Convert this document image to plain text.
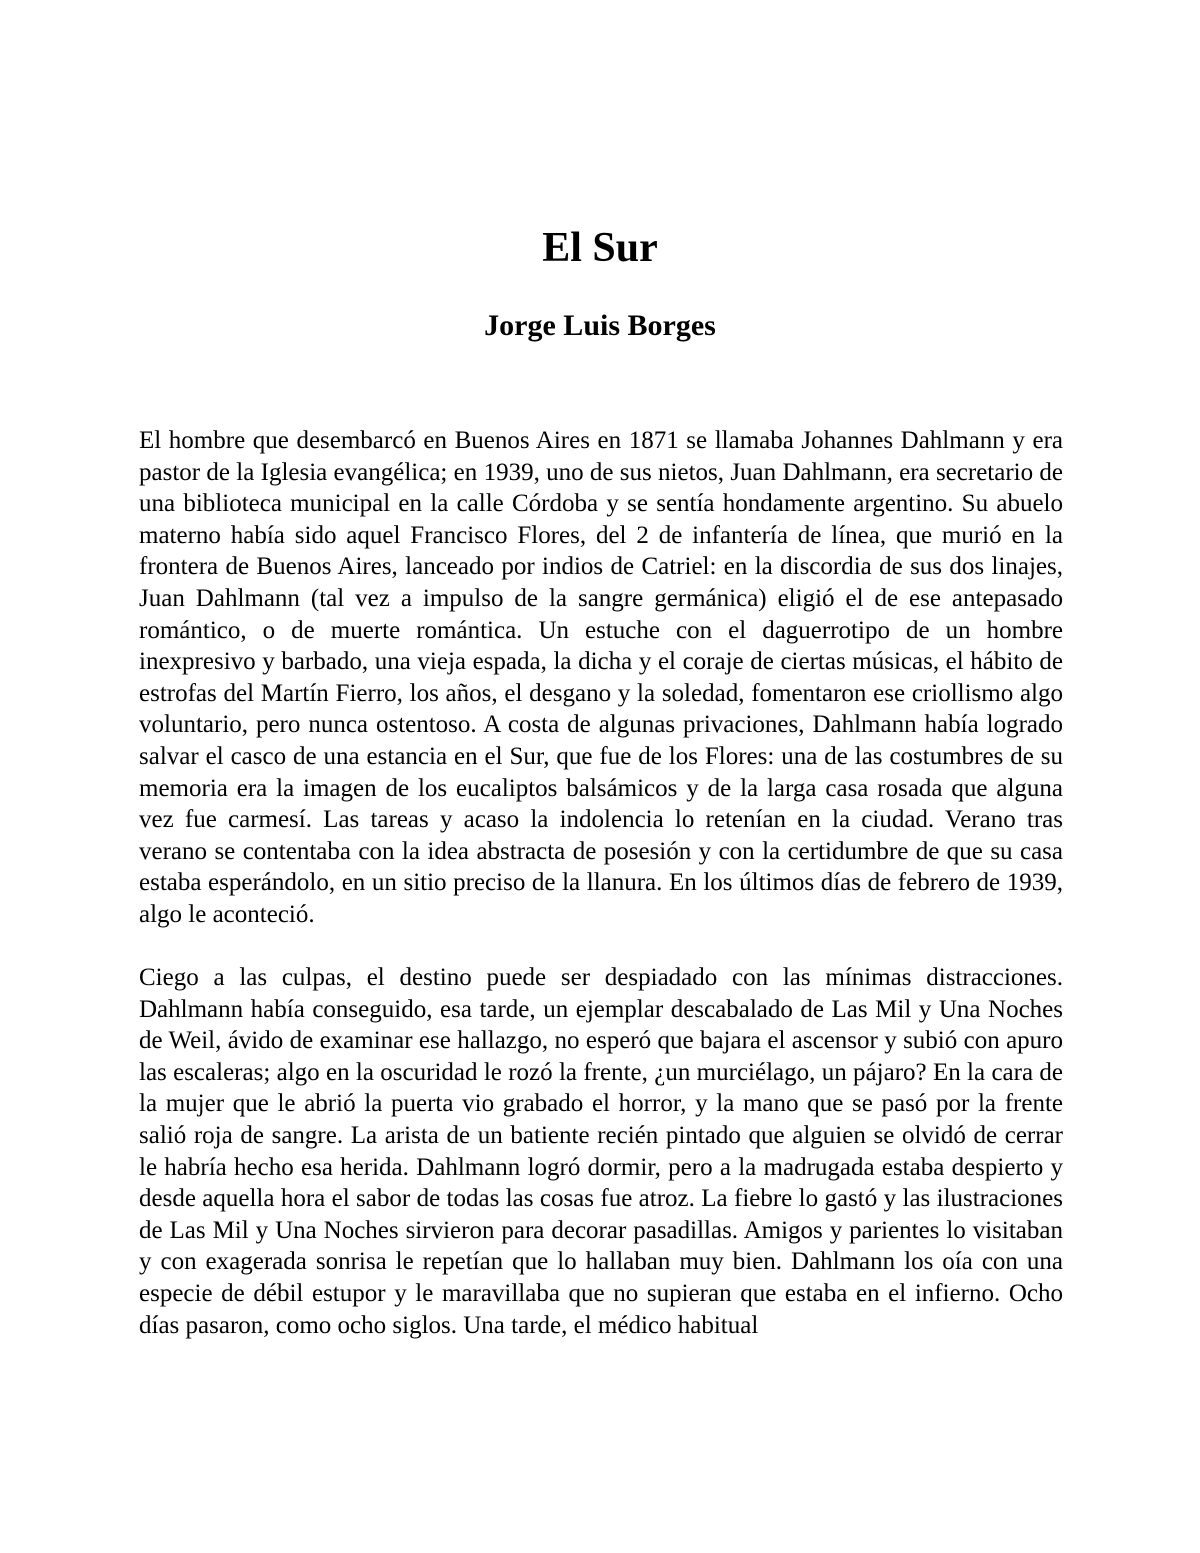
El Sur
Jorge Luis Borges

El hombre que desembarcó en Buenos Aires en 1871 se llamaba Johannes Dahlmann y era pastor de la Iglesia evangélica; en 1939, uno de sus nietos, Juan Dahlmann, era secretario de una biblioteca municipal en la calle Córdoba y se sentía hondamente argentino. Su abuelo materno había sido aquel Francisco Flores, del 2 de infantería de línea, que murió en la frontera de Buenos Aires, lanceado por indios de Catriel: en la discordia de sus dos linajes, Juan Dahlmann (tal vez a impulso de la sangre germánica) eligió el de ese antepasado romántico, o de muerte romántica. Un estuche con el daguerrotipo de un hombre inexpresivo y barbado, una vieja espada, la dicha y el coraje de ciertas músicas, el hábito de estrofas del Martín Fierro, los años, el desgano y la soledad, fomentaron ese criollismo algo voluntario, pero nunca ostentoso. A costa de algunas privaciones, Dahlmann había logrado salvar el casco de una estancia en el Sur, que fue de los Flores: una de las costumbres de su memoria era la imagen de los eucaliptos balsámicos y de la larga casa rosada que alguna vez fue carmesí. Las tareas y acaso la indolencia lo retenían en la ciudad. Verano tras verano se contentaba con la idea abstracta de posesión y con la certidumbre de que su casa estaba esperándolo, en un sitio preciso de la llanura. En los últimos días de febrero de 1939, algo le aconteció.

Ciego a las culpas, el destino puede ser despiadado con las mínimas distracciones. Dahlmann había conseguido, esa tarde, un ejemplar descabalado de Las Mil y Una Noches de Weil, ávido de examinar ese hallazgo, no esperó que bajara el ascensor y subió con apuro las escaleras; algo en la oscuridad le rozó la frente, ¿un murciélago, un pájaro? En la cara de la mujer que le abrió la puerta vio grabado el horror, y la mano que se pasó por la frente salió roja de sangre. La arista de un batiente recién pintado que alguien se olvidó de cerrar le habría hecho esa herida. Dahlmann logró dormir, pero a la madrugada estaba despierto y desde aquella hora el sabor de todas las cosas fue atroz. La fiebre lo gastó y las ilustraciones de Las Mil y Una Noches sirvieron para decorar pasadillas. Amigos y parientes lo visitaban y con exagerada sonrisa le repetían que lo hallaban muy bien. Dahlmann los oía con una especie de débil estupor y le maravillaba que no supieran que estaba en el infierno. Ocho días pasaron, como ocho siglos. Una tarde, el médico habitual
